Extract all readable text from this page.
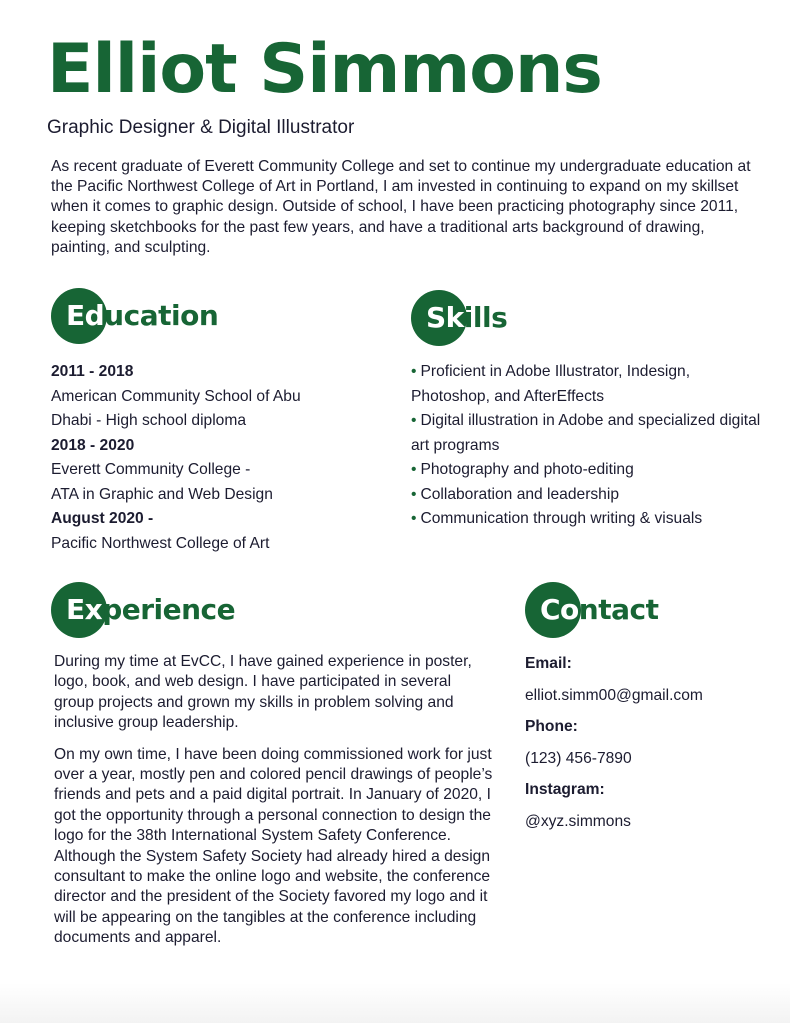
Elliot Simmons
Graphic Designer & Digital Illustrator

As recent graduate of Everett Community College and set to continue my undergraduate education at the Pacific Northwest College of Art in Portland, I am invested in continuing to expand on my skillset when it comes to graphic design. Outside of school, I have been practicing photography since 2011, keeping sketchbooks for the past few years, and have a traditional arts background of drawing, painting, and sculpting.

Education
2011 - 2018
American Community School of Abu
Dhabi - High school diploma
2018 - 2020
Everett Community College -
ATA in Graphic and Web Design
August 2020 -
Pacific Northwest College of Art
Skills
• Proficient in Adobe Illustrator, Indesign, Photoshop, and AfterEffects
• Digital illustration in Adobe and specialized digital art programs
• Photography and photo-editing
• Collaboration and leadership
• Communication through writing & visuals
Experience

During my time at EvCC, I have gained experience in poster, logo, book, and web design. I have participated in several group projects and grown my skills in problem solving and inclusive group leadership.

On my own time, I have been doing commissioned work for just over a year, mostly pen and colored pencil drawings of people’s friends and pets and a paid digital portrait. In January of 2020, I got the opportunity through a personal connection to design the logo for the 38th International System Safety Conference. Although the System Safety Society had already hired a design consultant to make the online logo and website, the conference director and the president of the Society favored my logo and it will be appearing on the tangibles at the conference including documents and apparel.

Contact
Email:
elliot.simm00@gmail.com
Phone:
(123) 456-7890
Instagram:
@xyz.simmons
